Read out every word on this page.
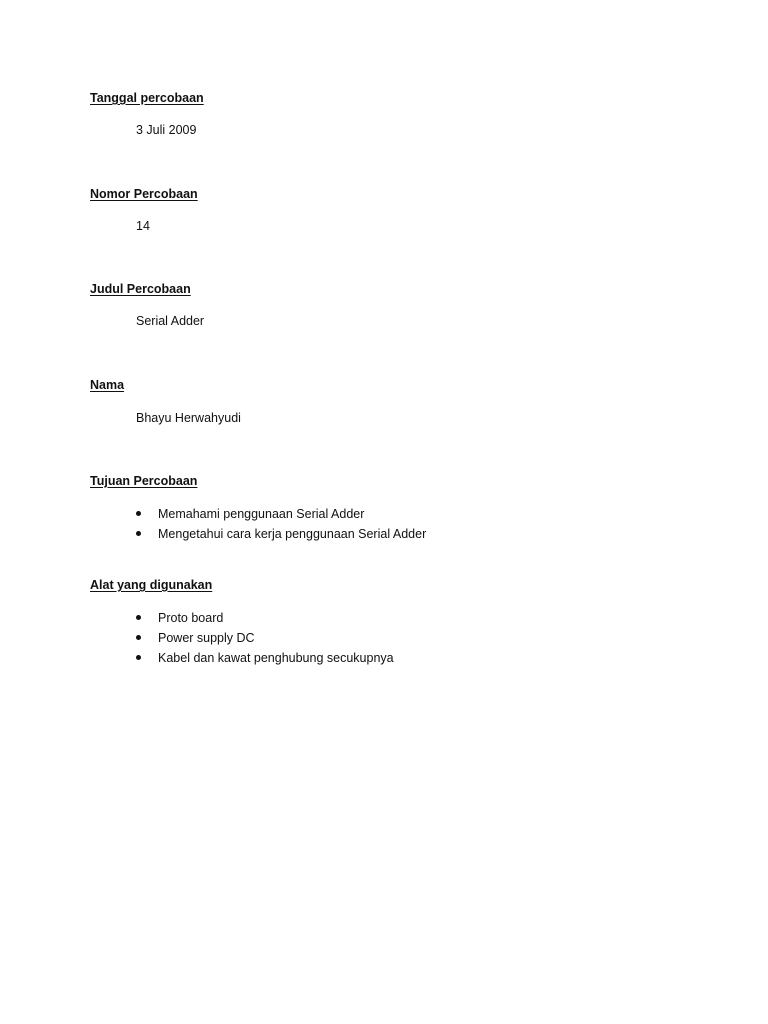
Tanggal percobaan
3 Juli 2009
Nomor Percobaan
14
Judul Percobaan
Serial Adder
Nama
Bhayu Herwahyudi
Tujuan Percobaan
Memahami penggunaan Serial Adder
Mengetahui cara kerja penggunaan Serial Adder
Alat yang digunakan
Proto board
Power supply DC
Kabel dan kawat penghubung secukupnya
